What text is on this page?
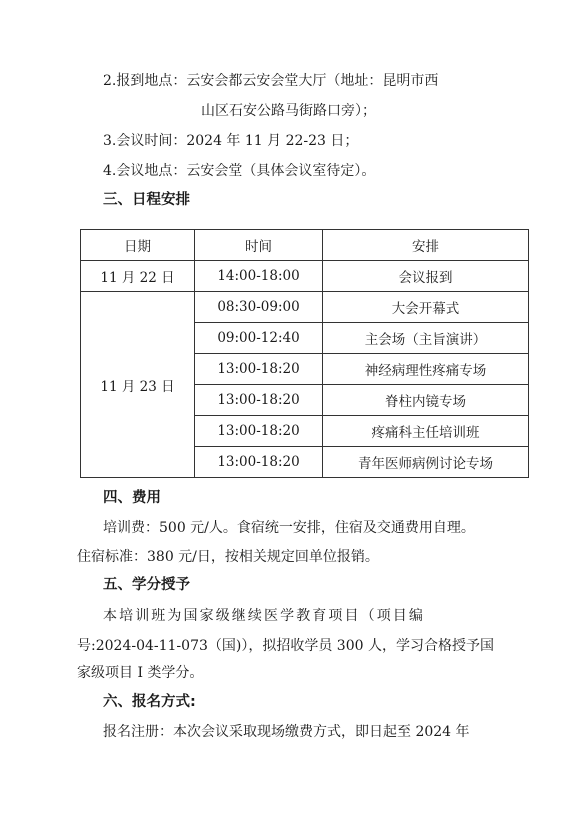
2.报到地点：云安会都云安会堂大厅（地址：昆明市西
山区石安公路马街路口旁）；
3.会议时间：2024 年 11 月 22-23 日；
4.会议地点：云安会堂（具体会议室待定）。
三、日程安排
日期	时间	安排
11 月 22 日	14:00-18:00	会议报到
11 月 23 日	08:30-09:00	大会开幕式
	09:00-12:40	主会场（主旨演讲）
	13:00-18:20	神经病理性疼痛专场
	13:00-18:20	脊柱内镜专场
	13:00-18:20	疼痛科主任培训班
	13:00-18:20	青年医师病例讨论专场
四、费用
培训费：500 元/人。食宿统一安排，住宿及交通费用自理。
住宿标准：380 元/日，按相关规定回单位报销。
五、学分授予
本培训班为国家级继续医学教育项目（项目编
号:2024-04-11-073（国)），拟招收学员 300 人，学习合格授予国
家级项目 I 类学分。
六、报名方式:
报名注册：本次会议采取现场缴费方式，即日起至 2024 年
